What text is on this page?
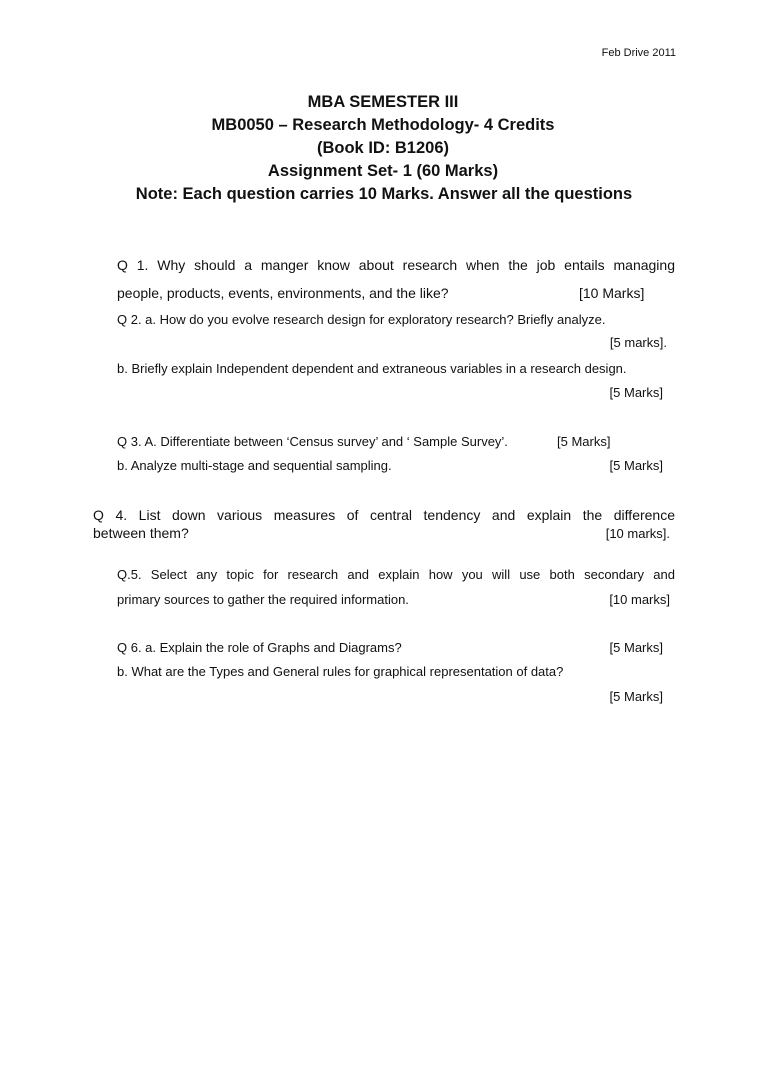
Feb Drive 2011
MBA SEMESTER III
MB0050 – Research Methodology- 4 Credits
(Book ID: B1206)
Assignment Set- 1 (60 Marks)
Note: Each question carries 10 Marks. Answer all the questions
Q 1. Why should a manger know about research when the job entails managing
people, products, events, environments, and the like?	[10 Marks]
Q 2. a. How do you evolve research design for exploratory research? Briefly analyze.
[5 marks].
b. Briefly explain Independent dependent and extraneous variables in a research design.
[5 Marks]
Q 3. A. Differentiate between ‘Census survey’ and ‘ Sample Survey’.	[5 Marks]
b. Analyze multi-stage and sequential sampling.	[5 Marks]
Q 4. List down various measures of central tendency and explain the difference
between them?	[10 marks].
Q.5. Select any topic for research and explain how you will use both secondary and
primary sources to gather the required information.	[10 marks]
Q 6. a. Explain the role of Graphs and Diagrams?	[5 Marks]
b. What are the Types and General rules for graphical representation of data?
[5 Marks]
